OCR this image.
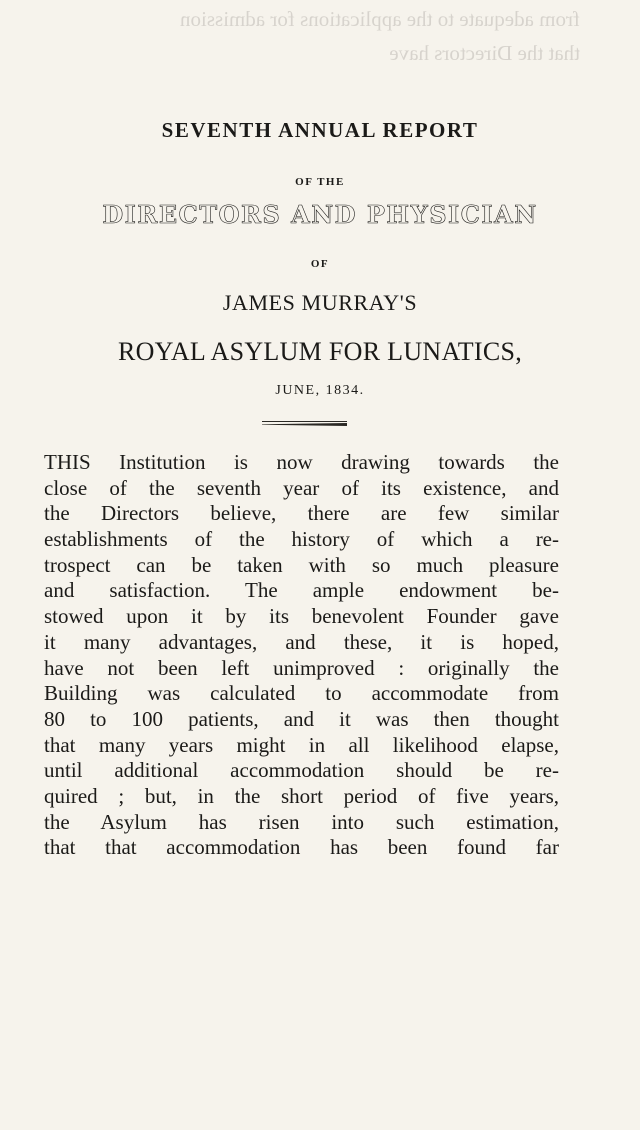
from adequate to the applications for admission
that the Directors have
SEVENTH ANNUAL REPORT
OF THE
DIRECTORS AND PHYSICIAN
OF
JAMES MURRAY'S
ROYAL ASYLUM FOR LUNATICS,
JUNE, 1834.
THIS Institution is now drawing towards the
close of the seventh year of its existence, and
the Directors believe, there are few similar
establishments of the history of which a re-
trospect can be taken with so much pleasure
and satisfaction. The ample endowment be-
stowed upon it by its benevolent Founder gave
it many advantages, and these, it is hoped,
have not been left unimproved : originally the
Building was calculated to accommodate from
80 to 100 patients, and it was then thought
that many years might in all likelihood elapse,
until additional accommodation should be re-
quired ; but, in the short period of five years,
the Asylum has risen into such estimation,
that that accommodation has been found far
